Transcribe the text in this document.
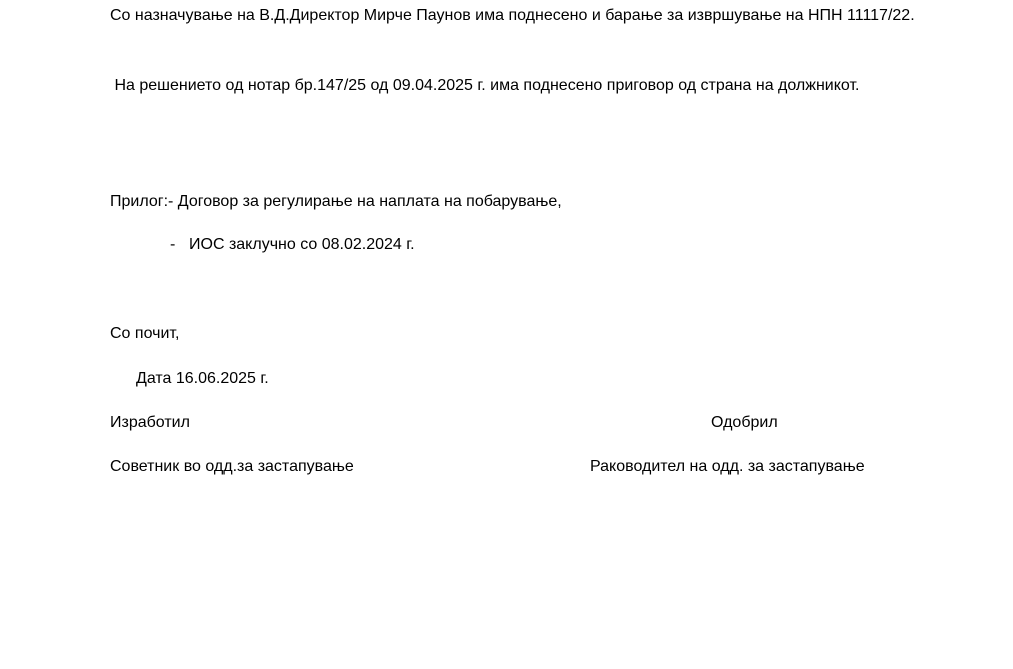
Со назначување на В.Д.Директор Мирче Паунов има поднесено и барање за извршување на НПН 11117/22.

На решението од нотар бр.147/25 од 09.04.2025 г. има поднесено приговор од страна на должникот.

Прилог:- Договор за регулирање на наплата на побарување,

- ИОС заклучно со 08.02.2024 г.

Со почит,

Дата 16.06.2025 г.

Изработил	Одобрил

Советник во одд.за застапување	Раководител на одд. за застапување
